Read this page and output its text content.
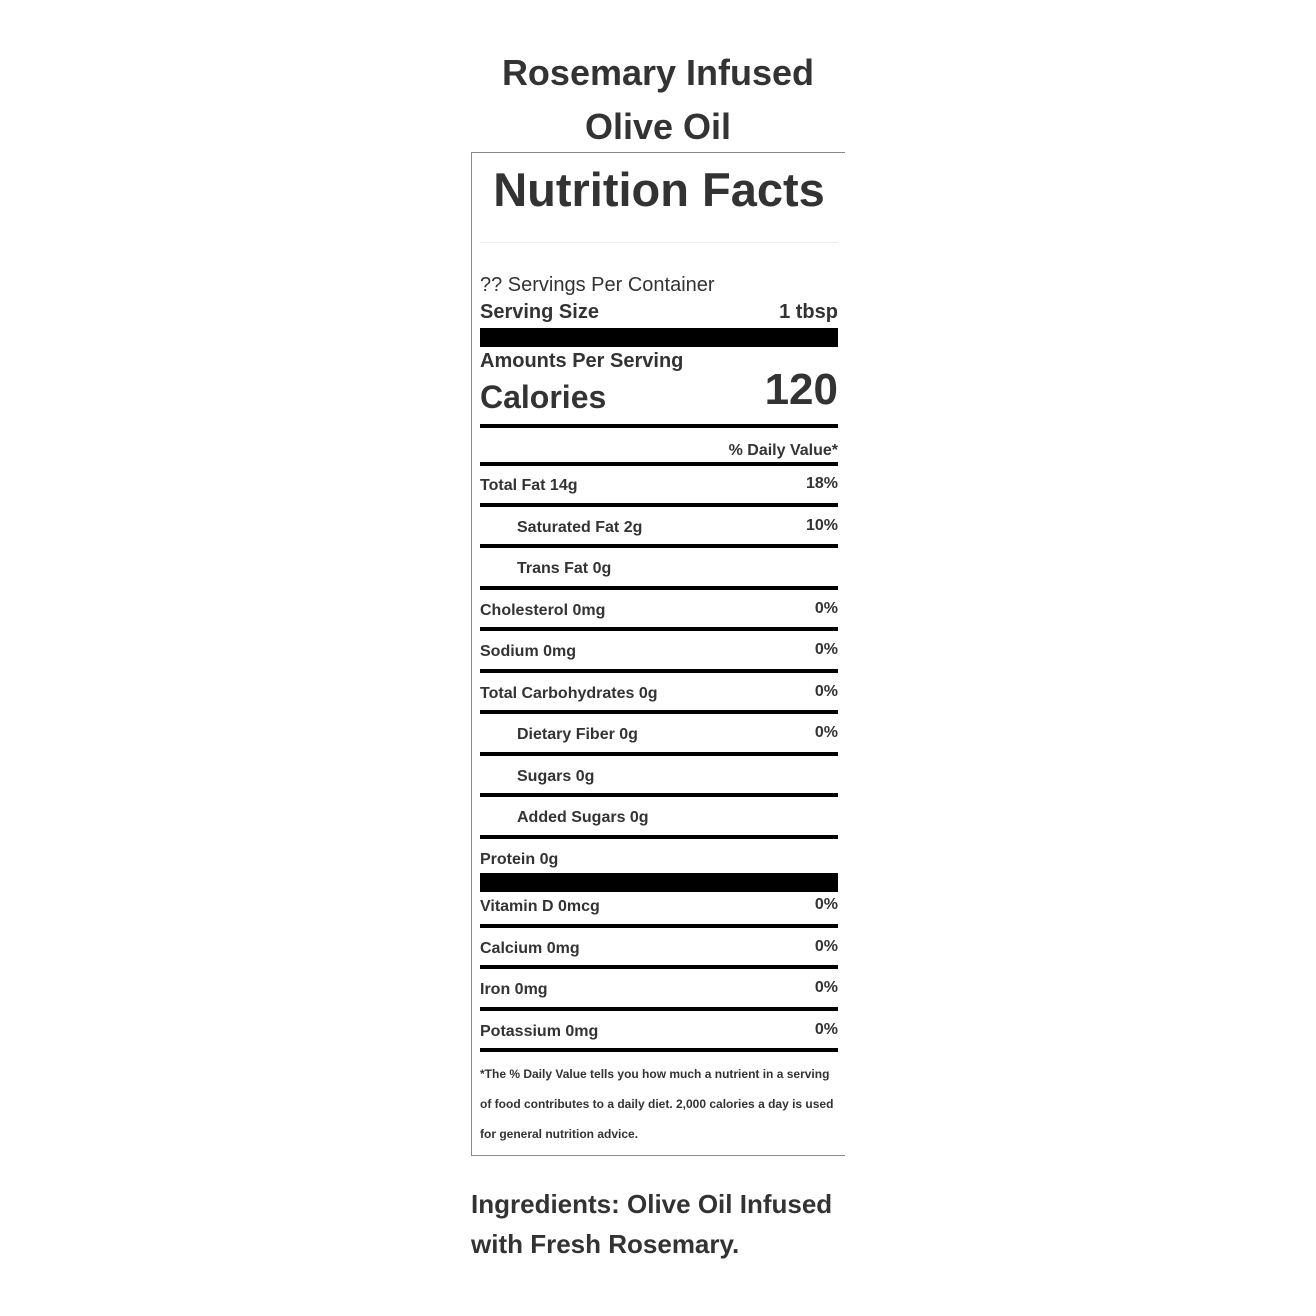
Rosemary Infused
Olive Oil
Nutrition Facts
?? Servings Per Container
Serving Size	1 tbsp
Amounts Per Serving
Calories	120
% Daily Value*
Total Fat 14g	18%
Saturated Fat 2g	10%
Trans Fat 0g
Cholesterol 0mg	0%
Sodium 0mg	0%
Total Carbohydrates 0g	0%
Dietary Fiber 0g	0%
Sugars 0g
Added Sugars 0g
Protein 0g
Vitamin D 0mcg	0%
Calcium 0mg	0%
Iron 0mg	0%
Potassium 0mg	0%

*The % Daily Value tells you how much a nutrient in a serving of food contributes to a daily diet. 2,000 calories a day is used for general nutrition advice.

Ingredients: Olive Oil Infused with Fresh Rosemary.
